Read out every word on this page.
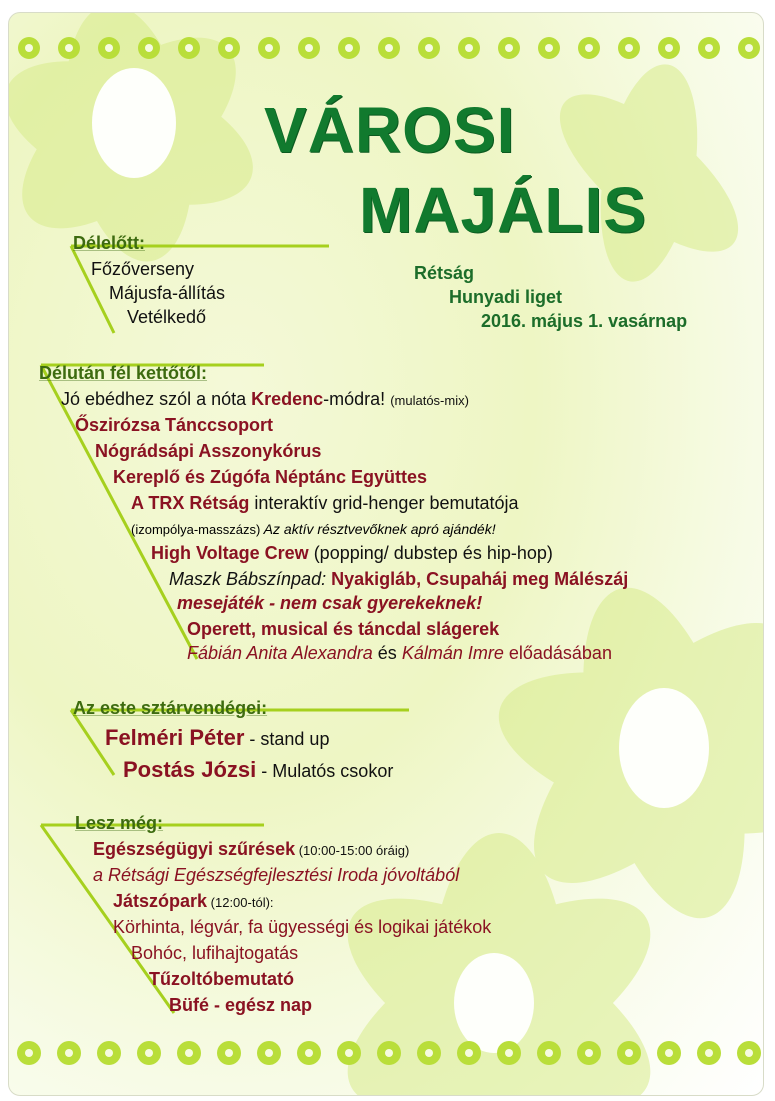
VÁROSI
MAJÁLIS
Rétság
Hunyadi liget
2016. május 1. vasárnap
Délelőtt:
Főzőverseny
Májusfa-állítás
Vetélkedő
Délután fél kettőtől:
Jó ebédhez szól a nóta Kredenc-módra! (mulatós-mix)
Őszirózsa Tánccsoport
Nógrádsápi Asszonykórus
Kereplő és Zúgófa Néptánc Együttes
A TRX Rétság interaktív grid-henger bemutatója
(izompólya-masszázs) Az aktív résztvevőknek apró ajándék!
High Voltage Crew (popping/ dubstep és hip-hop)
Maszk Bábszínpad: Nyakigláb, Csupaháj meg Málészáj
mesejáték - nem csak gyerekeknek!
Operett, musical és táncdal slágerek
Fábián Anita Alexandra és Kálmán Imre előadásában
Az este sztárvendégei:
Felméri Péter - stand up
Postás Józsi - Mulatós csokor
Lesz még:
Egészségügyi szűrések (10:00-15:00 óráig)
a Rétsági Egészségfejlesztési Iroda jóvoltából
Játszópark (12:00-tól):
Körhinta, légvár, fa ügyességi és logikai játékok
Bohóc, lufihajtogatás
Tűzoltóbemutató
Büfé - egész nap
